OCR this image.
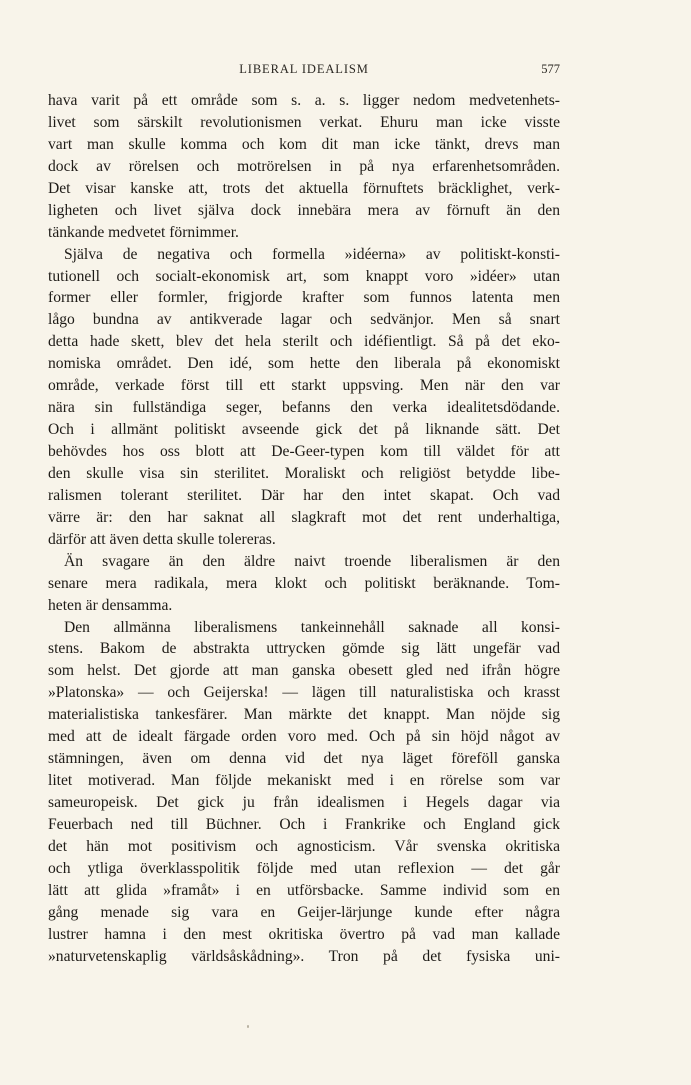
LIBERAL IDEALISM	577
hava varit på ett område som s. a. s. ligger nedom medvetenhets-
livet som särskilt revolutionismen verkat. Ehuru man icke visste
vart man skulle komma och kom dit man icke tänkt, drevs man
dock av rörelsen och motrörelsen in på nya erfarenhetsområden.
Det visar kanske att, trots det aktuella förnuftets bräcklighet, verk-
ligheten och livet själva dock innebära mera av förnuft än den
tänkande medvetet förnimmer.
Själva de negativa och formella »idéerna» av politiskt-konsti-
tutionell och socialt-ekonomisk art, som knappt voro »idéer» utan
former eller formler, frigjorde krafter som funnos latenta men
lågo bundna av antikverade lagar och sedvänjor. Men så snart
detta hade skett, blev det hela sterilt och idéfientligt. Så på det eko-
nomiska området. Den idé, som hette den liberala på ekonomiskt
område, verkade först till ett starkt uppsving. Men när den var
nära sin fullständiga seger, befanns den verka idealitetsdödande.
Och i allmänt politiskt avseende gick det på liknande sätt. Det
behövdes hos oss blott att De-Geer-typen kom till väldet för att
den skulle visa sin sterilitet. Moraliskt och religiöst betydde libe-
ralismen tolerant sterilitet. Där har den intet skapat. Och vad
värre är: den har saknat all slagkraft mot det rent underhaltiga,
därför att även detta skulle tolereras.
Än svagare än den äldre naivt troende liberalismen är den
senare mera radikala, mera klokt och politiskt beräknande. Tom-
heten är densamma.
Den allmänna liberalismens tankeinnehåll saknade all konsi-
stens. Bakom de abstrakta uttrycken gömde sig lätt ungefär vad
som helst. Det gjorde att man ganska obesett gled ned ifrån högre
»Platonska» — och Geijerska! — lägen till naturalistiska och krasst
materialistiska tankesfärer. Man märkte det knappt. Man nöjde sig
med att de idealt färgade orden voro med. Och på sin höjd något av
stämningen, även om denna vid det nya läget föreföll ganska
litet motiverad. Man följde mekaniskt med i en rörelse som var
sameuropeisk. Det gick ju från idealismen i Hegels dagar via
Feuerbach ned till Büchner. Och i Frankrike och England gick
det hän mot positivism och agnosticism. Vår svenska okritiska
och ytliga överklasspolitik följde med utan reflexion — det går
lätt att glida »framåt» i en utförsbacke. Samme individ som en
gång menade sig vara en Geijer-lärjunge kunde efter några
lustrer hamna i den mest okritiska övertro på vad man kallade
»naturvetenskaplig världsåskådning». Tron på det fysiska uni-
